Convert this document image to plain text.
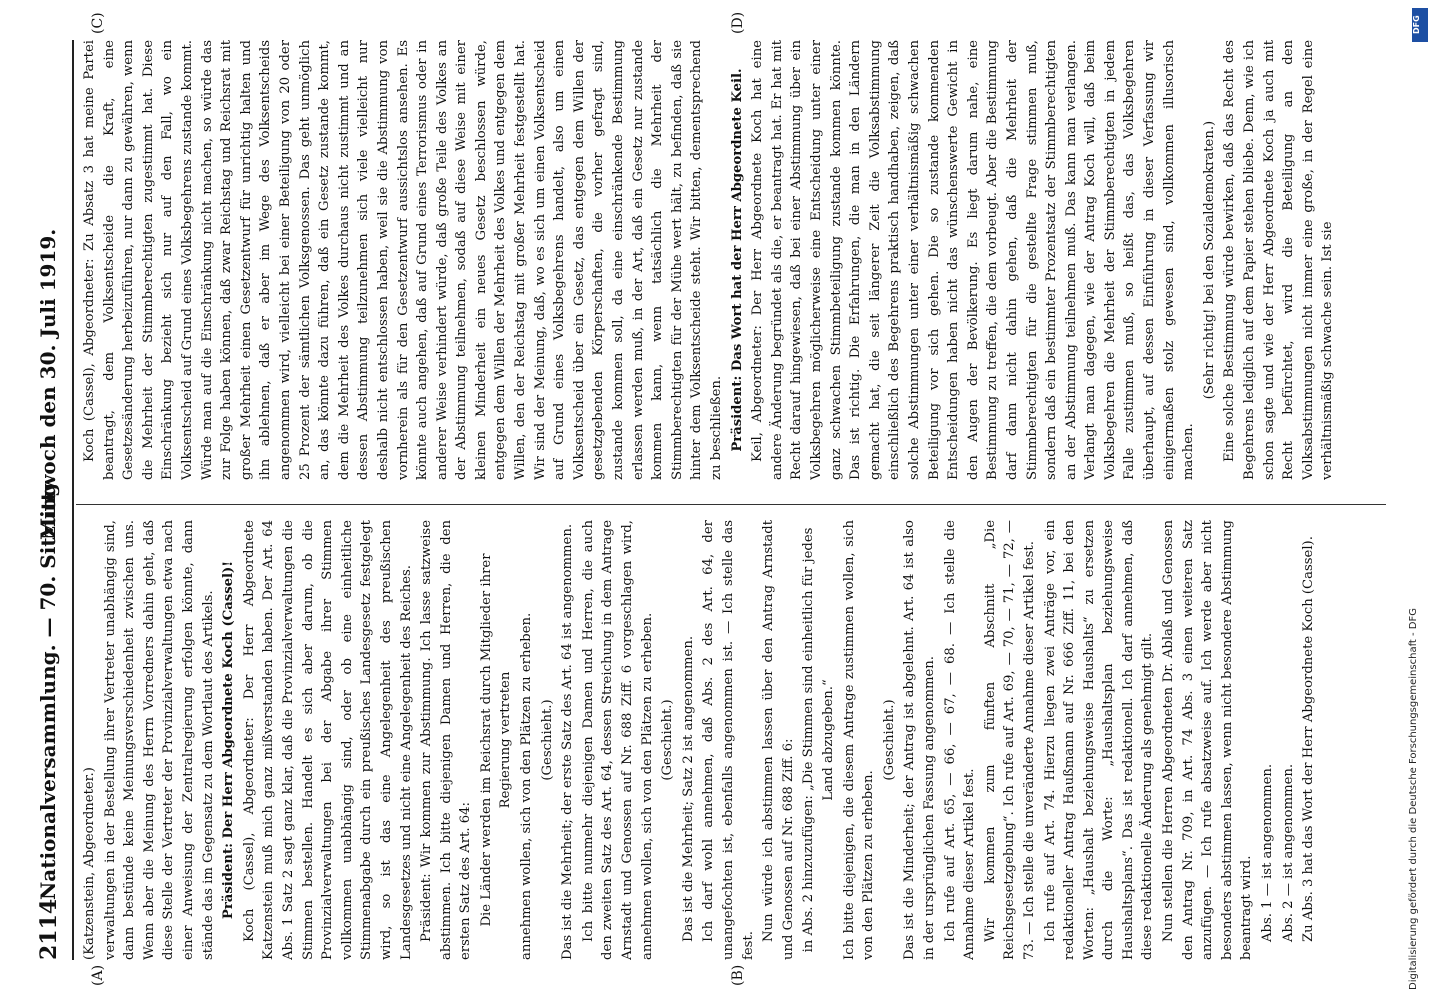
2114
Nationalversammlung. — 70. Sitzung.
Mittwoch den 30. Juli 1919.
(A)	(B)
(C)	(D)

(Katzenstein, Abgeordneter.) verwaltungen in der Bestellung ihrer Vertreter unabhängig sind, dann bestünde keine Meinungsverschiedenheit zwischen uns. Wenn aber die Meinung des Herrn Vorredners dahin geht, daß diese Stelle der Vertreter der Provinzialverwaltungen etwa nach einer Anweisung der Zentralregierung erfolgen könnte, dann stände das im Gegensatz zu dem Wortlaut des Artikels. Präsident: Der Herr Abgeordnete Koch (Cassel)! Koch (Cassel), Abgeordneter: Der Herr Abgeordnete Katzenstein muß mich ganz mißverstanden haben. Der Art. 64 Abs. 1 Satz 2 sagt ganz klar, daß die Provinzialverwaltungen die Stimmen bestellen. Handelt es sich aber darum, ob die Provinzialverwaltungen bei der Abgabe ihrer Stimmen vollkommen unabhängig sind, oder ob eine einheitliche Stimmenabgabe durch ein preußisches Landesgesetz festgelegt wird, so ist das eine Angelegenheit des preußischen Landesgesetzes und nicht eine Angelegenheit des Reiches. Präsident: Wir kommen zur Abstimmung. Ich lasse satzweise abstimmen. Ich bitte diejenigen Damen und Herren, die den ersten Satz des Art. 64: Die Länder werden im Reichsrat durch Mitglieder ihrer Regierung vertreten annehmen wollen, sich von den Plätzen zu erheben. (Geschieht.) Das ist die Mehrheit; der erste Satz des Art. 64 ist angenommen. Ich bitte nunmehr diejenigen Damen und Herren, die auch den zweiten Satz des Art. 64, dessen Streichung in dem Antrage Arnstadt und Genossen auf Nr. 688 Ziff. 6 vorgeschlagen wird, annehmen wollen, sich von den Plätzen zu erheben. (Geschieht.) Das ist die Mehrheit; Satz 2 ist angenommen. Ich darf wohl annehmen, daß Abs. 2 des Art. 64, der unangefochten ist, ebenfalls angenommen ist. — Ich stelle das fest.

Nun würde ich abstimmen lassen über den Antrag Arnstadt und Genossen auf Nr. 688 Ziff. 6: in Abs. 2 hinzuzufügen: „Die Stimmen sind einheitlich für jedes Land abzugeben.“ Ich bitte diejenigen, die diesem Antrage zustimmen wollen, sich von den Plätzen zu erheben.

(Geschieht.) Das ist die Minderheit; der Antrag ist abgelehnt. Art. 64 ist also in der ursprünglichen Fassung angenommen. Ich rufe auf Art. 65, — 66, — 67, — 68. — Ich stelle die Annahme dieser Artikel fest. Wir kommen zum fünften Abschnitt „Die Reichsgesetzgebung“. Ich rufe auf Art. 69, — 70, — 71, — 72, — 73. — Ich stelle die unveränderte Annahme dieser Artikel fest. Ich rufe auf Art. 74. Hierzu liegen zwei Anträge vor, ein redaktioneller Antrag Haußmann auf Nr. 666 Ziff. 11, bei den Worten: „Haushalt beziehungsweise Haushalts“ zu ersetzen durch die Worte: „Haushaltsplan beziehungsweise Haushaltsplans“. Das ist redaktionell. Ich darf annehmen, daß diese redaktionelle Änderung als genehmigt gilt. Nun stellen die Herren Abgeordneten Dr. Ablaß und Genossen den Antrag Nr. 709, in Art. 74 Abs. 3 einen weiteren Satz anzufügen. — Ich rufe absatzweise auf. Ich werde aber nicht besonders abstimmen lassen, wenn nicht besondere Abstimmung beantragt wird. Abs. 1 — ist angenommen. Abs. 2 — ist angenommen. Zu Abs. 3 hat das Wort der Herr Abgeordnete Koch (Cassel).

Koch (Cassel), Abgeordneter: Zu Absatz 3 hat meine Partei beantragt, dem Volksentscheide die Kraft, eine Gesetzesänderung herbeizuführen, nur dann zu gewähren, wenn die Mehrheit der Stimmberechtigten zugestimmt hat. Diese Einschränkung bezieht sich nur auf den Fall, wo ein Volksentscheid auf Grund eines Volksbegehrens zustande kommt. Würde man auf die Einschränkung nicht machen, so würde das zur Folge haben können, daß zwar Reichstag und Reichsrat mit großer Mehrheit einen Gesetzentwurf für unrichtig halten und ihn ablehnen, daß er aber im Wege des Volksentscheids angenommen wird, vielleicht bei einer Beteiligung von 20 oder 25 Prozent der sämtlichen Volksgenossen. Das geht unmöglich an, das könnte dazu führen, daß ein Gesetz zustande kommt, dem die Mehrheit des Volkes durchaus nicht zustimmt und an dessen Abstimmung teilzunehmen sich viele vielleicht nur deshalb nicht entschlossen haben, weil sie die Abstimmung von vornherein als für den Gesetzentwurf aussichtslos ansehen. Es könnte auch angehen, daß auf Grund eines Terrorismus oder in anderer Weise verhindert würde, daß große Teile des Volkes an der Abstimmung teilnehmen, sodaß auf diese Weise mit einer kleinen Minderheit ein neues Gesetz beschlossen würde, entgegen dem Willen der Mehrheit des Volkes und entgegen dem Willen, den der Reichstag mit großer Mehrheit festgestellt hat. Wir sind der Meinung, daß, wo es sich um einen Volksentscheid auf Grund eines Volksbegehrens handelt, also um einen Volksentscheid über ein Gesetz, das entgegen dem Willen der gesetzgebenden Körperschaften, die vorher gefragt sind, zustande kommen soll, da eine einschränkende Bestimmung erlassen werden muß, in der Art, daß ein Gesetz nur zustande kommen kann, wenn tatsächlich die Mehrheit der Stimmberechtigten für der Mühe wert hält, zu befinden, daß sie hinter dem Volksentscheide steht. Wir bitten, dementsprechend zu beschließen. Präsident: Das Wort hat der Herr Abgeordnete Keil. Keil, Abgeordneter: Der Herr Abgeordnete Koch hat eine andere Änderung begründet als die, er beantragt hat. Er hat mit Recht darauf hingewiesen, daß bei einer Abstimmung über ein Volksbegehren möglicherweise eine Entscheidung unter einer ganz schwachen Stimmbeteiligung zustande kommen könnte. Das ist richtig. Die Erfahrungen, die man in den Ländern gemacht hat, die seit längerer Zeit die Volksabstimmung einschließlich des Begehrens praktisch handhaben, zeigen, daß solche Abstimmungen unter einer verhältnismäßig schwachen Beteiligung vor sich gehen. Die so zustande kommenden Entscheidungen haben nicht das wünschenswerte Gewicht in den Augen der Bevölkerung. Es liegt darum nahe, eine Bestimmung zu treffen, die dem vorbeugt. Aber die Bestimmung darf dann nicht dahin gehen, daß die Mehrheit der Stimmberechtigten für die gestellte Frage stimmen muß, sondern daß ein bestimmter Prozentsatz der Stimmberechtigten an der Abstimmung teilnehmen muß. Das kann man verlangen. Verlangt man dagegen, wie der Antrag Koch will, daß beim Volksbegehren die Mehrheit der Stimmberechtigten in jedem Falle zustimmen muß, so heißt das, das Volksbegehren überhaupt, auf dessen Einführung in dieser Verfassung wir einigermaßen stolz gewesen sind, vollkommen illusorisch machen.

(Sehr richtig! bei den Sozialdemokraten.) Eine solche Bestimmung würde bewirken, daß das Recht des Begehrens lediglich auf dem Papier stehen bliebe. Denn, wie ich schon sagte und wie der Herr Abgeordnete Koch ja auch mit Recht befürchtet, wird die Beteiligung an den Volksabstimmungen nicht immer eine große, in der Regel eine verhältnismäßig schwache sein. Ist sie

Digitalisierung gefördert durch die Deutsche Forschungsgemeinschaft - DFG
DFG
